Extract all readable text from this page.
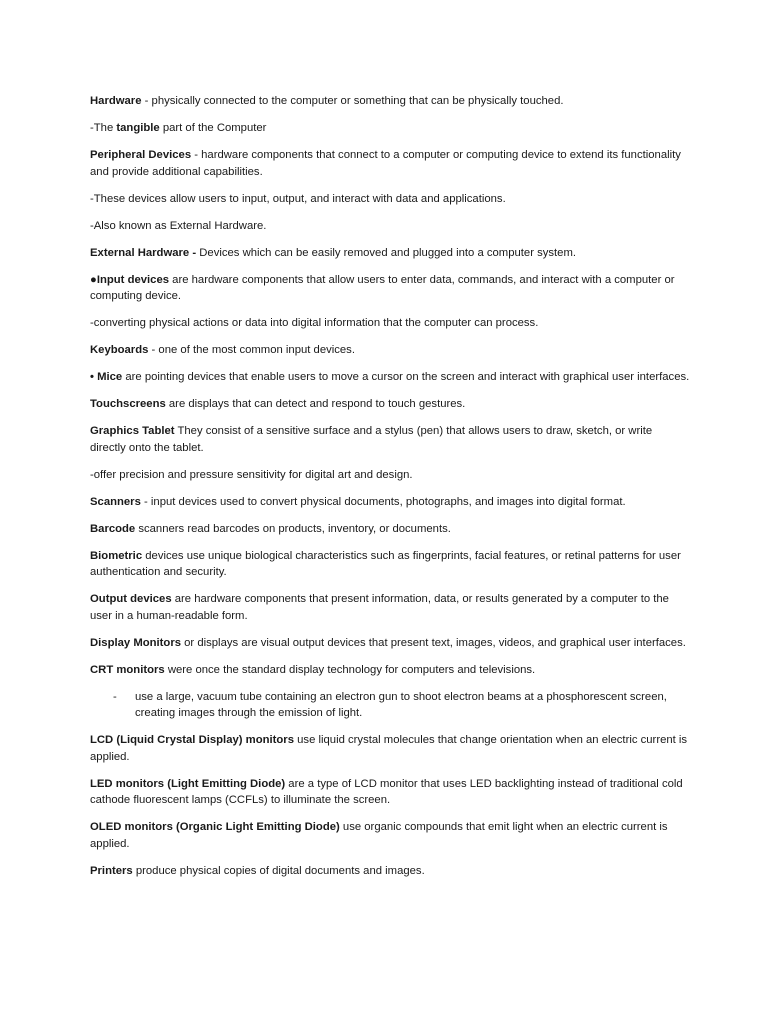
Hardware - physically connected to the computer or something that can be physically touched.

-The tangible part of the Computer

Peripheral Devices - hardware components that connect to a computer or computing device to extend its functionality and provide additional capabilities.

-These devices allow users to input, output, and interact with data and applications.

-Also known as External Hardware.

External Hardware - Devices which can be easily removed and plugged into a computer system.

●Input devices are hardware components that allow users to enter data, commands, and interact with a computer or computing device.

-converting physical actions or data into digital information that the computer can process.

Keyboards - one of the most common input devices.

• Mice are pointing devices that enable users to move a cursor on the screen and interact with graphical user interfaces.

Touchscreens are displays that can detect and respond to touch gestures.

Graphics Tablet They consist of a sensitive surface and a stylus (pen) that allows users to draw, sketch, or write directly onto the tablet.

-offer precision and pressure sensitivity for digital art and design.

Scanners - input devices used to convert physical documents, photographs, and images into digital format.

Barcode scanners read barcodes on products, inventory, or documents.

Biometric devices use unique biological characteristics such as fingerprints, facial features, or retinal patterns for user authentication and security.

Output devices are hardware components that present information, data, or results generated by a computer to the user in a human-readable form.

Display Monitors or displays are visual output devices that present text, images, videos, and graphical user interfaces.

CRT monitors were once the standard display technology for computers and televisions.

-	use a large, vacuum tube containing an electron gun to shoot electron beams at a phosphorescent screen, creating images through the emission of light.

LCD (Liquid Crystal Display) monitors use liquid crystal molecules that change orientation when an electric current is applied.

LED monitors (Light Emitting Diode) are a type of LCD monitor that uses LED backlighting instead of traditional cold cathode fluorescent lamps (CCFLs) to illuminate the screen.

OLED monitors (Organic Light Emitting Diode) use organic compounds that emit light when an electric current is applied.

Printers produce physical copies of digital documents and images.
